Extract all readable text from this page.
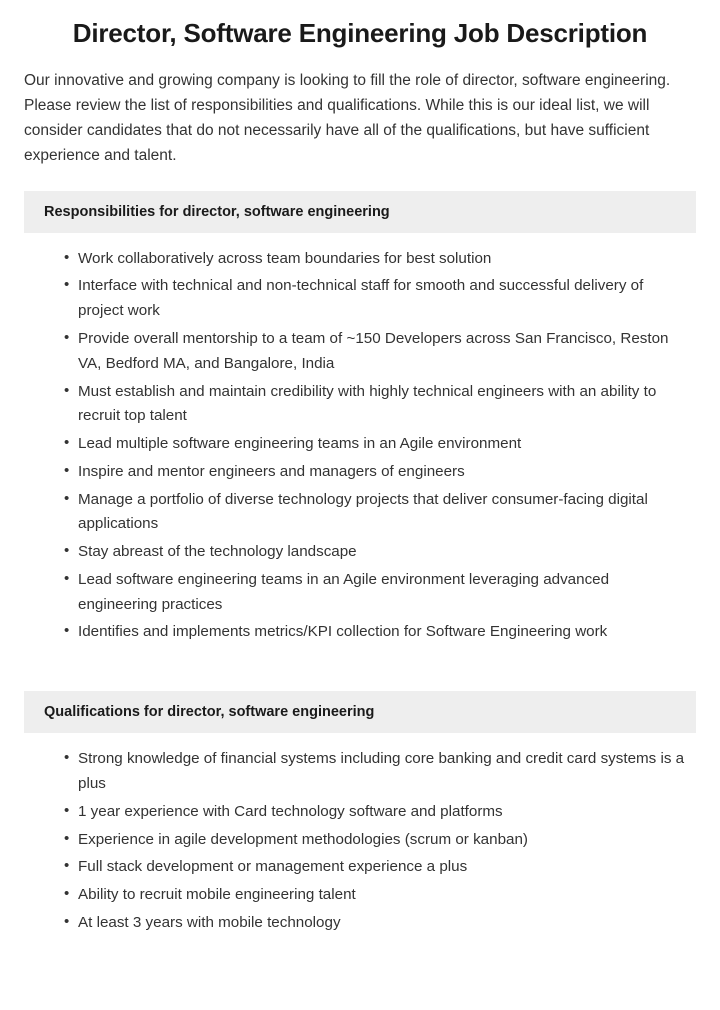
Director, Software Engineering Job Description

Our innovative and growing company is looking to fill the role of director, software engineering. Please review the list of responsibilities and qualifications. While this is our ideal list, we will consider candidates that do not necessarily have all of the qualifications, but have sufficient experience and talent.

Responsibilities for director, software engineering
• Work collaboratively across team boundaries for best solution
• Interface with technical and non-technical staff for smooth and successful delivery of project work
• Provide overall mentorship to a team of ~150 Developers across San Francisco, Reston VA, Bedford MA, and Bangalore, India
• Must establish and maintain credibility with highly technical engineers with an ability to recruit top talent
• Lead multiple software engineering teams in an Agile environment
• Inspire and mentor engineers and managers of engineers
• Manage a portfolio of diverse technology projects that deliver consumer-facing digital applications
• Stay abreast of the technology landscape
• Lead software engineering teams in an Agile environment leveraging advanced engineering practices
• Identifies and implements metrics/KPI collection for Software Engineering work
Qualifications for director, software engineering
• Strong knowledge of financial systems including core banking and credit card systems is a plus
• 1 year experience with Card technology software and platforms
• Experience in agile development methodologies (scrum or kanban)
• Full stack development or management experience a plus
• Ability to recruit mobile engineering talent
• At least 3 years with mobile technology
